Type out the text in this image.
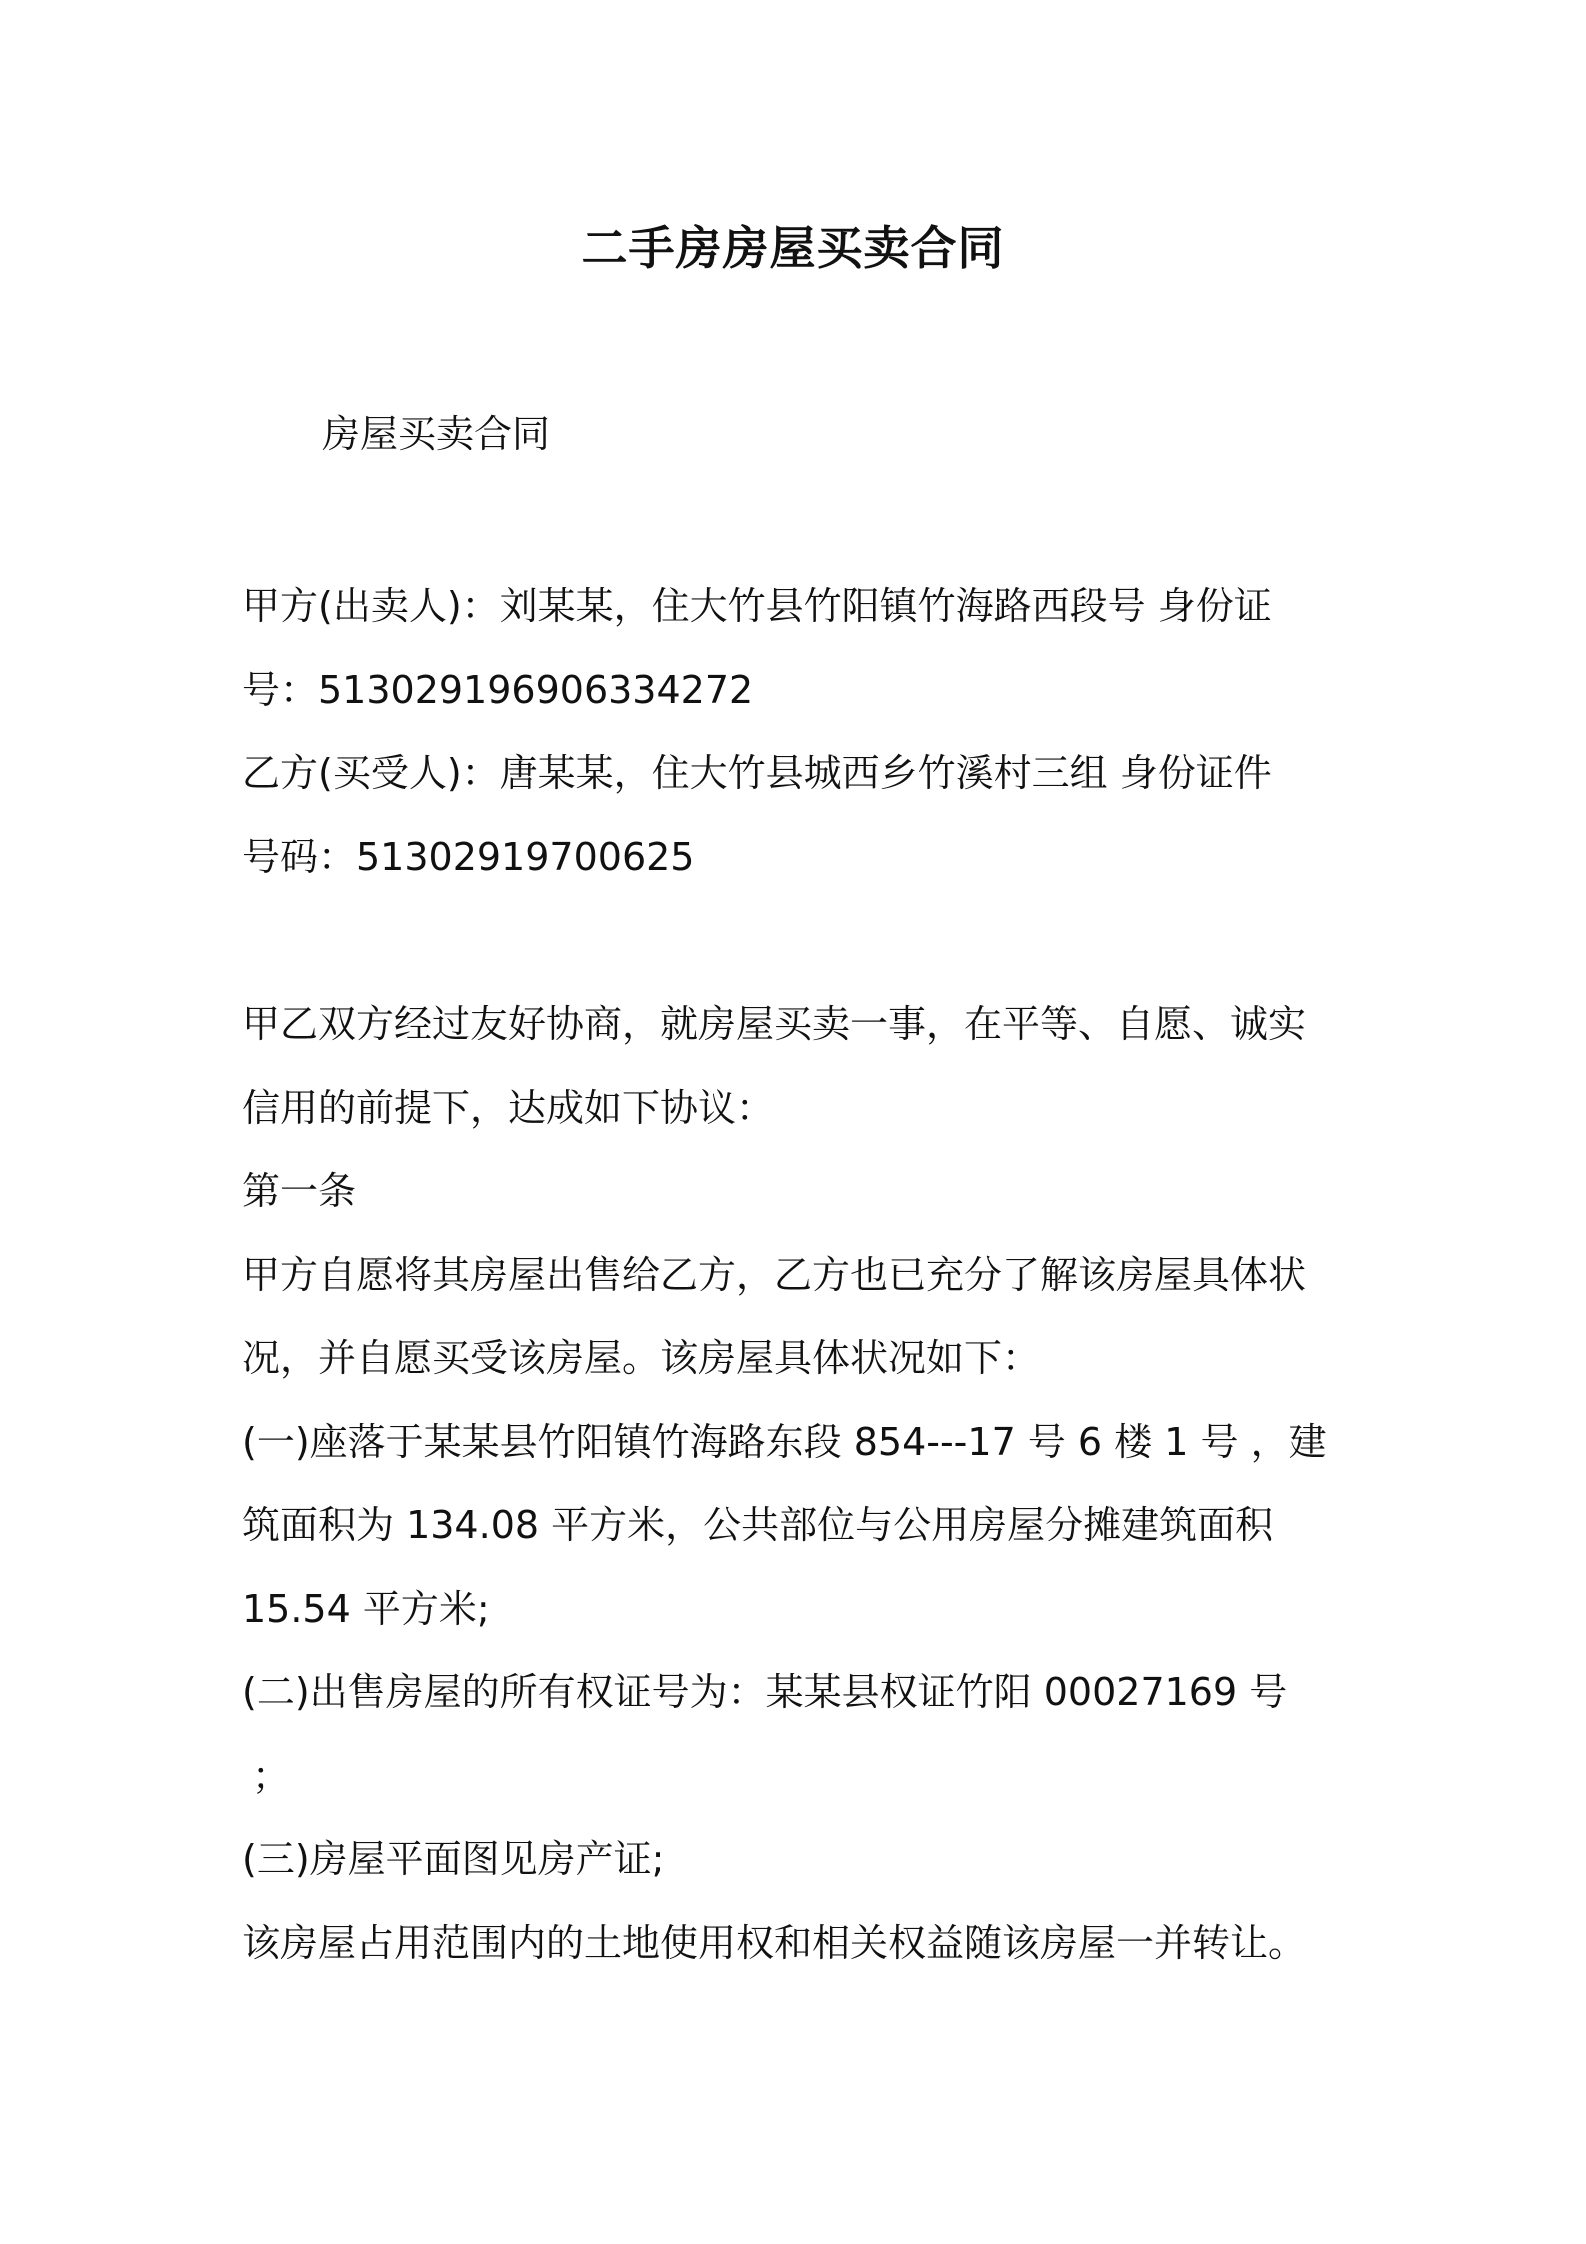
二手房房屋买卖合同
房屋买卖合同

甲方(出卖人)：刘某某，住大竹县竹阳镇竹海路西段号 身份证

号：513029196906334272

乙方(买受人)：唐某某，住大竹县城西乡竹溪村三组 身份证件

号码：51302919700625

甲乙双方经过友好协商，就房屋买卖一事，在平等、自愿、诚实

信用的前提下，达成如下协议：

第一条

甲方自愿将其房屋出售给乙方，乙方也已充分了解该房屋具体状

况，并自愿买受该房屋。该房屋具体状况如下：

(一)座落于某某县竹阳镇竹海路东段 854---17 号 6 楼 1 号 ，建

筑面积为 134.08 平方米，公共部位与公用房屋分摊建筑面积

15.54 平方米;

(二)出售房屋的所有权证号为：某某县权证竹阳 00027169 号

；

(三)房屋平面图见房产证;

该房屋占用范围内的土地使用权和相关权益随该房屋一并转让。
